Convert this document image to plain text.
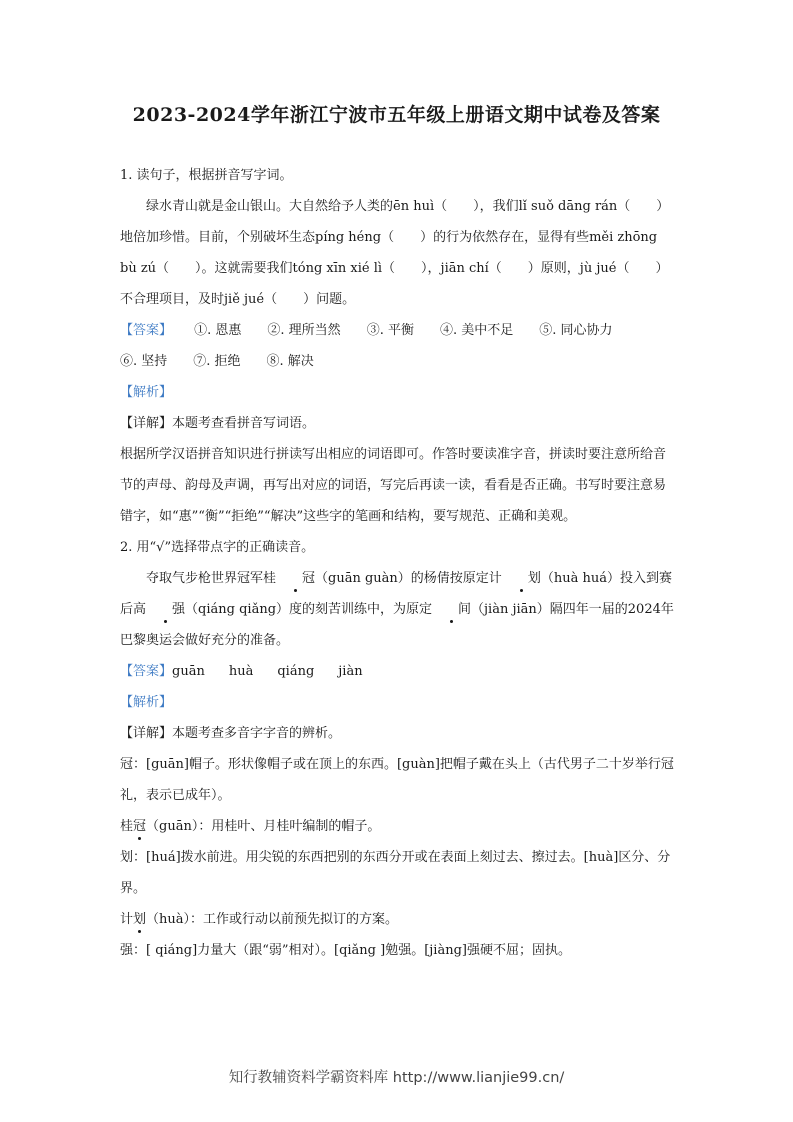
2023-2024学年浙江宁波市五年级上册语文期中试卷及答案

1. 读句子，根据拼音写字词。

绿水青山就是金山银山。大自然给予人类的ēn huì（　　），我们lǐ suǒ dāng rán（　　）地倍加珍惜。目前，个别破坏生态píng héng（　　）的行为依然存在，显得有些měi zhōng bù zú（　　）。这就需要我们tóng xīn xié lì（　　），jiān chí（　　）原则，jù jué（　　）不合理项目，及时jiě jué（　　）问题。

【答案】 ①. 恩惠 ②. 理所当然 ③. 平衡 ④. 美中不足 ⑤. 同心协力
⑥. 坚持 ⑦. 拒绝 ⑧. 解决

【解析】

【详解】本题考查看拼音写词语。

根据所学汉语拼音知识进行拼读写出相应的词语即可。作答时要读准字音，拼读时要注意所给音节的声母、韵母及声调，再写出对应的词语，写完后再读一读，看看是否正确。书写时要注意易错字，如“惠”“衡”“拒绝”“解决”这些字的笔画和结构，要写规范、正确和美观。

2. 用“√”选择带点字的正确读音。

夺取气步枪世界冠军桂 冠（guān guàn）的杨倩按原定计 划（huà huá）投入到赛后高 强（qiáng qiǎng）度的刻苦训练中，为原定 间（jiàn jiān）隔四年一届的2024年巴黎奥运会做好充分的准备。

【答案】guān huà qiáng jiàn

【解析】

【详解】本题考查多音字字音的辨析。

冠：[guān]帽子。形状像帽子或在顶上的东西。[guàn]把帽子戴在头上（古代男子二十岁举行冠礼，表示已成年）。

桂冠（guān）：用桂叶、月桂叶编制的帽子。

划：[huá]拨水前进。用尖锐的东西把别的东西分开或在表面上刻过去、擦过去。[huà]区分、分界。

计划（huà）：工作或行动以前预先拟订的方案。

强：[ qiáng]力量大（跟“弱”相对）。[qiǎng ]勉强。[jiàng]强硬不屈；固执。

知行教辅资料学霸资料库 http://www.lianjie99.cn/
